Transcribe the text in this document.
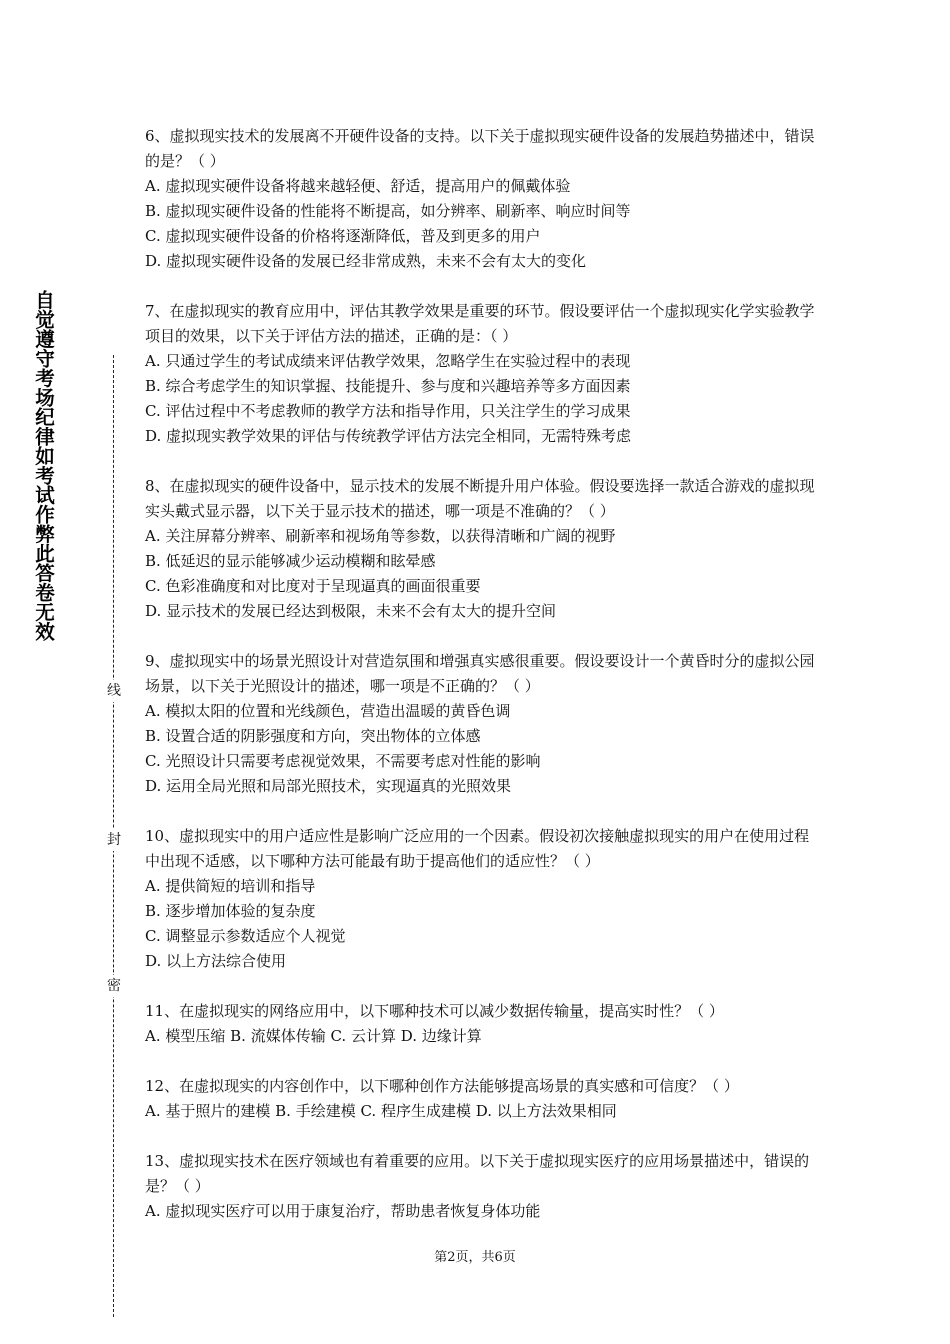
自觉遵守考场纪律如考试作弊此答卷无效
线
封
密

6、虚拟现实技术的发展离不开硬件设备的支持。以下关于虚拟现实硬件设备的发展趋势描述中，错误的是？（ ）

A. 虚拟现实硬件设备将越来越轻便、舒适，提高用户的佩戴体验

B. 虚拟现实硬件设备的性能将不断提高，如分辨率、刷新率、响应时间等

C. 虚拟现实硬件设备的价格将逐渐降低，普及到更多的用户

D. 虚拟现实硬件设备的发展已经非常成熟，未来不会有太大的变化

7、在虚拟现实的教育应用中，评估其教学效果是重要的环节。假设要评估一个虚拟现实化学实验教学项目的效果，以下关于评估方法的描述，正确的是：（ ）

A. 只通过学生的考试成绩来评估教学效果，忽略学生在实验过程中的表现

B. 综合考虑学生的知识掌握、技能提升、参与度和兴趣培养等多方面因素

C. 评估过程中不考虑教师的教学方法和指导作用，只关注学生的学习成果

D. 虚拟现实教学效果的评估与传统教学评估方法完全相同，无需特殊考虑

8、在虚拟现实的硬件设备中，显示技术的发展不断提升用户体验。假设要选择一款适合游戏的虚拟现实头戴式显示器，以下关于显示技术的描述，哪一项是不准确的？（ ）

A. 关注屏幕分辨率、刷新率和视场角等参数，以获得清晰和广阔的视野

B. 低延迟的显示能够减少运动模糊和眩晕感

C. 色彩准确度和对比度对于呈现逼真的画面很重要

D. 显示技术的发展已经达到极限，未来不会有太大的提升空间

9、虚拟现实中的场景光照设计对营造氛围和增强真实感很重要。假设要设计一个黄昏时分的虚拟公园场景，以下关于光照设计的描述，哪一项是不正确的？（ ）

A. 模拟太阳的位置和光线颜色，营造出温暖的黄昏色调

B. 设置合适的阴影强度和方向，突出物体的立体感

C. 光照设计只需要考虑视觉效果，不需要考虑对性能的影响

D. 运用全局光照和局部光照技术，实现逼真的光照效果

10、虚拟现实中的用户适应性是影响广泛应用的一个因素。假设初次接触虚拟现实的用户在使用过程中出现不适感，以下哪种方法可能最有助于提高他们的适应性？（ ）

A. 提供简短的培训和指导

B. 逐步增加体验的复杂度

C. 调整显示参数适应个人视觉

D. 以上方法综合使用

11、在虚拟现实的网络应用中，以下哪种技术可以减少数据传输量，提高实时性？（ ）

A. 模型压缩 B. 流媒体传输 C. 云计算 D. 边缘计算

12、在虚拟现实的内容创作中，以下哪种创作方法能够提高场景的真实感和可信度？（ ）

A. 基于照片的建模 B. 手绘建模 C. 程序生成建模 D. 以上方法效果相同

13、虚拟现实技术在医疗领域也有着重要的应用。以下关于虚拟现实医疗的应用场景描述中，错误的是？（ ）

A. 虚拟现实医疗可以用于康复治疗，帮助患者恢复身体功能

第2页，共6页
